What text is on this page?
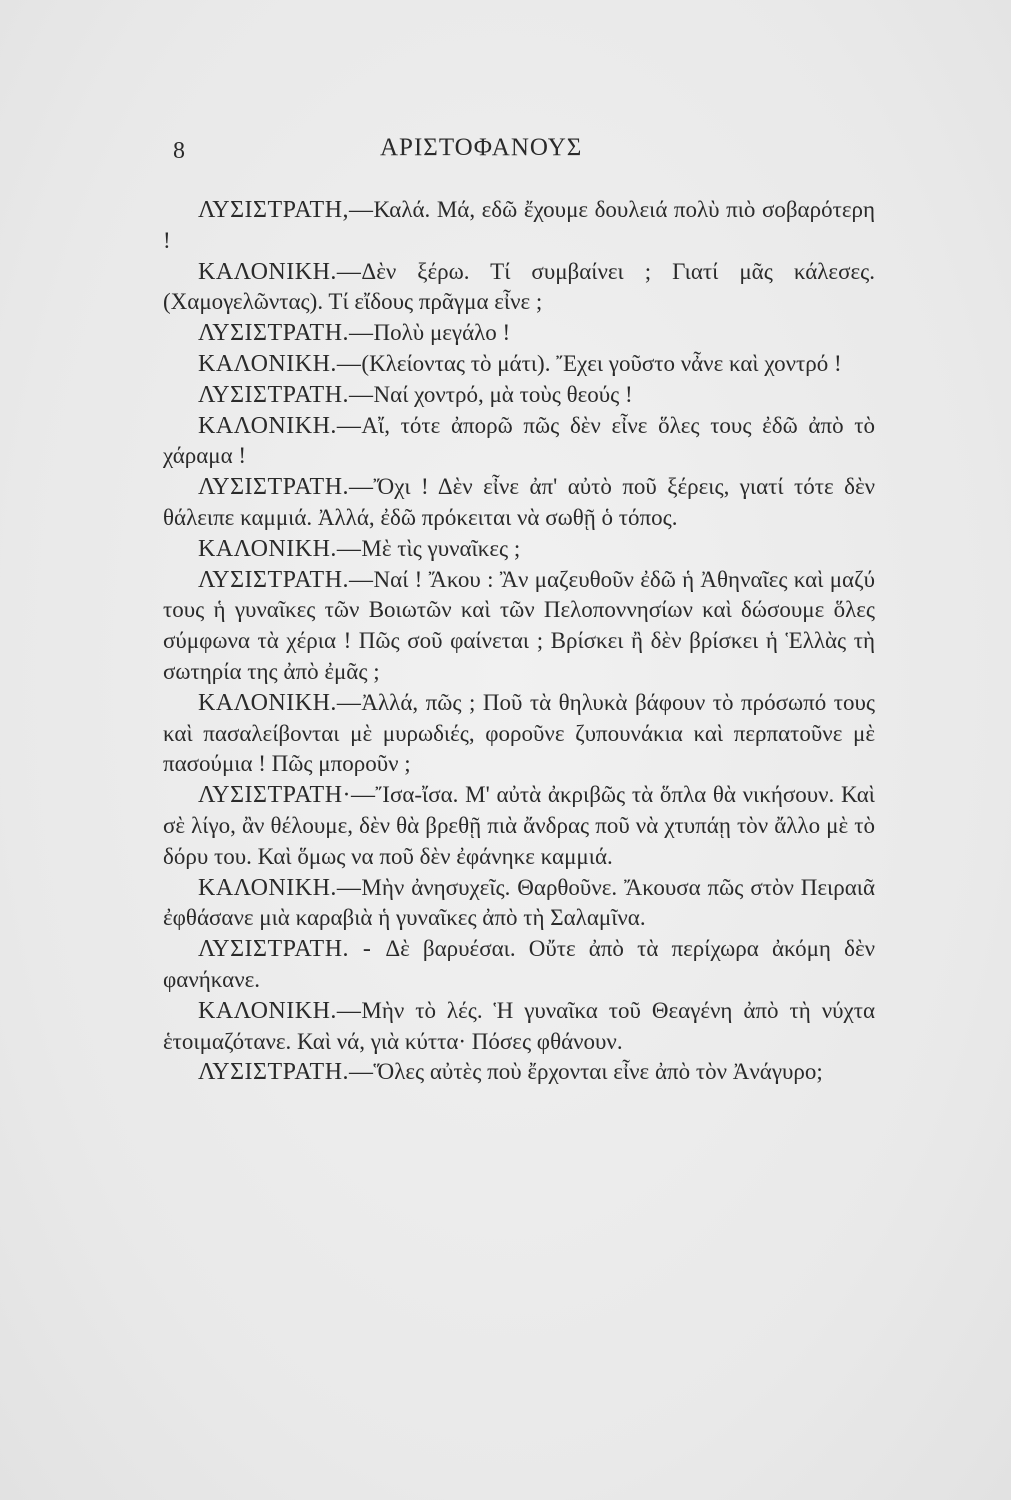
8	ΑΡΙΣΤΟΦΑΝΟΥΣ

ΛΥΣΙΣΤΡΑΤΗ,—Καλά. Μά, εδῶ ἔχουμε δουλειά πολὺ πιὸ σοβαρότερη !

ΚΑΛΟΝΙΚΗ.—Δὲν ξέρω. Τί συμβαίνει ; Γιατί μᾶς κάλεσες. (Χαμογελῶντας). Τί εἴδους πρᾶγμα εἶνε ;

ΛΥΣΙΣΤΡΑΤΗ.—Πολὺ μεγάλο !

ΚΑΛΟΝΙΚΗ.—(Κλείοντας τὸ μάτι). Ἔχει γοῦστο νἆνε καὶ χοντρό !

ΛΥΣΙΣΤΡΑΤΗ.—Ναί χοντρό, μὰ τοὺς θεούς !

ΚΑΛΟΝΙΚΗ.—Αἴ, τότε ἀπορῶ πῶς δὲν εἶνε ὅλες τους ἐδῶ ἀπὸ τὸ χάραμα !

ΛΥΣΙΣΤΡΑΤΗ.—Ὄχι ! Δὲν εἶνε ἀπ' αὐτὸ ποῦ ξέρεις, γιατί τότε δὲν θάλειπε καμμιά. Ἀλλά, ἐδῶ πρόκειται νὰ σωθῇ ὁ τόπος.

ΚΑΛΟΝΙΚΗ.—Μὲ τὶς γυναῖκες ;

ΛΥΣΙΣΤΡΑΤΗ.—Ναί ! Ἄκου : Ἂν μαζευθοῦν ἐδῶ ἡ Ἀθηναῖες καὶ μαζύ τους ἡ γυναῖκες τῶν Βοιωτῶν καὶ τῶν Πελοποννησίων καὶ δώσουμε ὅλες σύμφωνα τὰ χέρια ! Πῶς σοῦ φαίνεται ; Βρίσκει ἢ δὲν βρίσκει ἡ Ἑλλὰς τὴ σωτηρία της ἀπὸ ἐμᾶς ;

ΚΑΛΟΝΙΚΗ.—Ἀλλά, πῶς ; Ποῦ τὰ θηλυκὰ βάφουν τὸ πρόσωπό τους καὶ πασαλείβονται μὲ μυρωδιές, φοροῦνε ζυπουνάκια καὶ περπατοῦνε μὲ πασούμια ! Πῶς μποροῦν ;

ΛΥΣΙΣΤΡΑΤΗ·—Ἴσα-ἴσα. Μ' αὐτὰ ἀκριβῶς τὰ ὅπλα θὰ νικήσουν. Καὶ σὲ λίγο, ἂν θέλουμε, δὲν θὰ βρεθῇ πιὰ ἄνδρας ποῦ νὰ χτυπάῃ τὸν ἄλλο μὲ τὸ δόρυ του. Καὶ ὅμως να ποῦ δὲν ἐφάνηκε καμμιά.

ΚΑΛΟΝΙΚΗ.—Μὴν ἀνησυχεῖς. Θαρθοῦνε. Ἄκουσα πῶς στὸν Πειραιᾶ ἐφθάσανε μιὰ καραβιὰ ἡ γυναῖκες ἀπὸ τὴ Σαλαμῖνα.

ΛΥΣΙΣΤΡΑΤΗ. - Δὲ βαρυέσαι. Οὔτε ἀπὸ τὰ περίχωρα ἀκόμη δὲν φανήκανε.

ΚΑΛΟΝΙΚΗ.—Μὴν τὸ λές. Ἡ γυναῖκα τοῦ Θεαγένη ἀπὸ τὴ νύχτα ἑτοιμαζότανε. Καὶ νά, γιὰ κύττα· Πόσες φθάνουν.

ΛΥΣΙΣΤΡΑΤΗ.—Ὅλες αὐτὲς ποὺ ἔρχονται εἶνε ἀπὸ τὸν Ἀνάγυρο;
